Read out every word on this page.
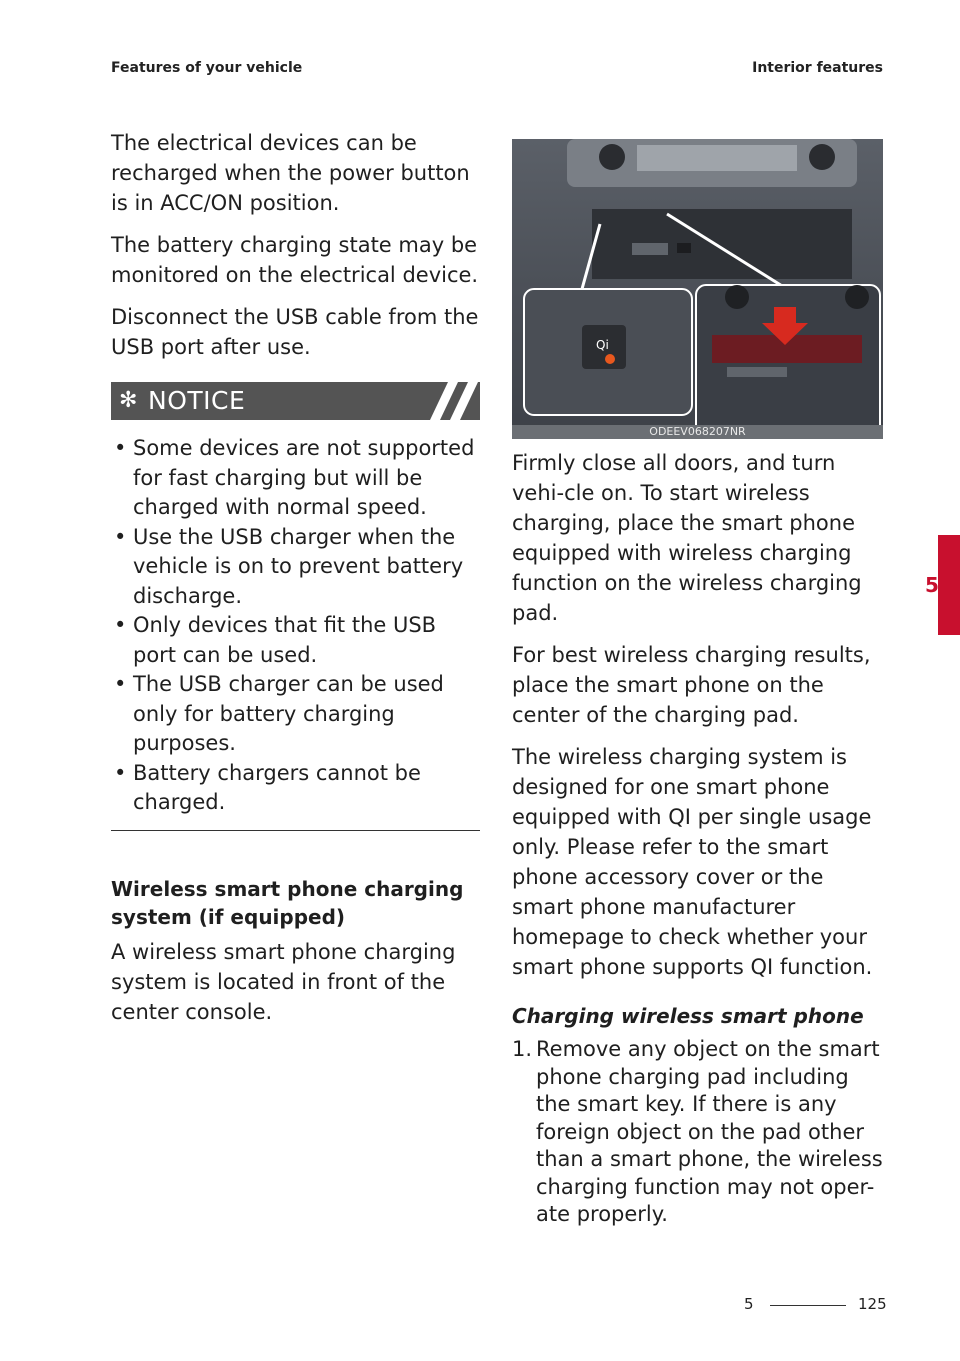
Features of your vehicle	Interior features

The electrical devices can be recharged when the power button is in ACC/ON position.

The battery charging state may be monitored on the electrical device.

Disconnect the USB cable from the USB port after use.

✻ NOTICE
• Some devices are not supported for fast charging but will be charged with normal speed.
• Use the USB charger when the vehicle is on to prevent battery discharge.
• Only devices that fit the USB port can be used.
• The USB charger can be used only for battery charging purposes.
• Battery chargers cannot be charged.
Wireless smart phone charging system (if equipped)

A wireless smart phone charging system is located in front of the center console.

Qi
ODEEV068207NR

Firmly close all doors, and turn vehi-cle on. To start wireless charging, place the smart phone equipped with wireless charging function on the wireless charging pad.

For best wireless charging results, place the smart phone on the center of the charging pad.

The wireless charging system is designed for one smart phone equipped with QI per single usage only. Please refer to the smart phone accessory cover or the smart phone manufacturer homepage to check whether your smart phone supports QI function.

Charging wireless smart phone
1. Remove any object on the smart phone charging pad including the smart key. If there is any foreign object on the pad other than a smart phone, the wireless charging function may not oper-ate properly.
5
5	125
